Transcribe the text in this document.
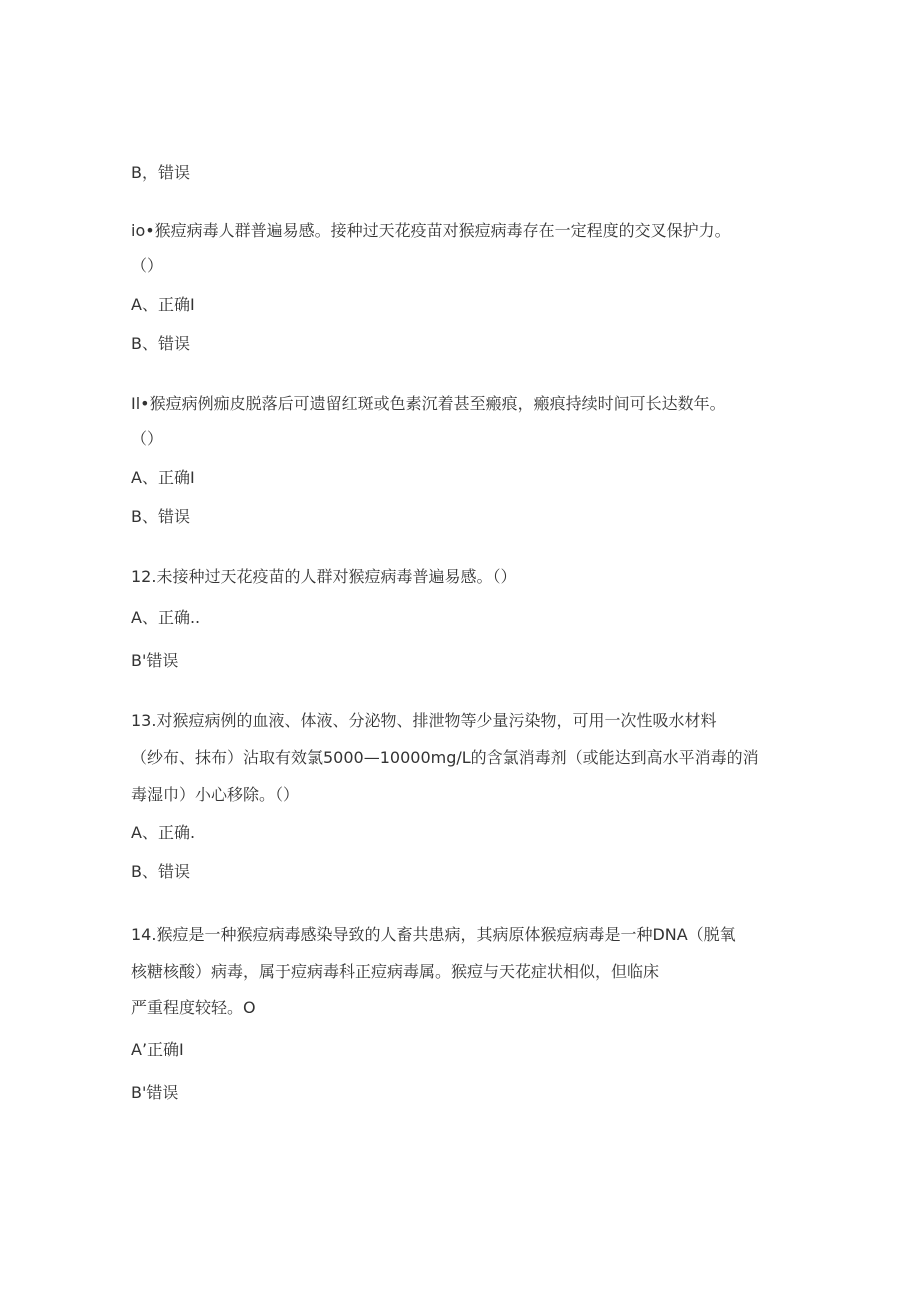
B，错误
io•猴痘病毒人群普遍易感。接种过天花疫苗对猴痘病毒存在一定程度的交叉保护力。
（）
A、正确I
B、错误
Il•猴痘病例痂皮脱落后可遗留红斑或色素沉着甚至瘢痕，瘢痕持续时间可长达数年。
（）
A、正确I
B、错误
12.未接种过天花疫苗的人群对猴痘病毒普遍易感。（）
A、正确..
B'错误
13.对猴痘病例的血液、体液、分泌物、排泄物等少量污染物，可用一次性吸水材料
（纱布、抹布）沾取有效氯5000—10000mg/L的含氯消毒剂（或能达到高水平消毒的消
毒湿巾）小心移除。（）
A、正确.
B、错误
14.猴痘是一种猴痘病毒感染导致的人畜共患病，其病原体猴痘病毒是一种DNA（脱氧
核糖核酸）病毒，属于痘病毒科正痘病毒属。猴痘与天花症状相似，但临床
严重程度较轻。O
A’正确I
B'错误
